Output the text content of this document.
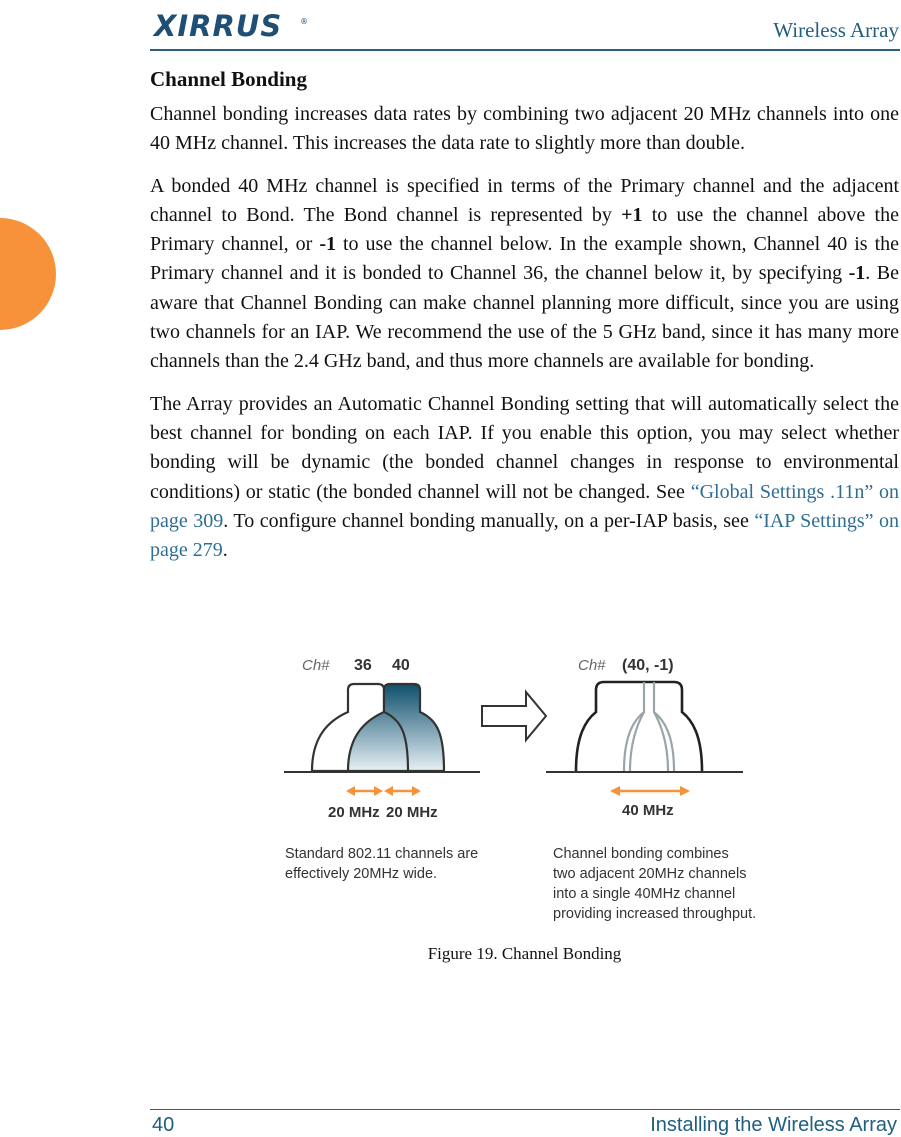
XIRRUS ®	Wireless Array
Channel Bonding

Channel bonding increases data rates by combining two adjacent 20 MHz channels into one 40 MHz channel. This increases the data rate to slightly more than double.

A bonded 40 MHz channel is specified in terms of the Primary channel and the adjacent channel to Bond. The Bond channel is represented by +1 to use the channel above the Primary channel, or -1 to use the channel below. In the example shown, Channel 40 is the Primary channel and it is bonded to Channel 36, the channel below it, by specifying -1. Be aware that Channel Bonding can make channel planning more difficult, since you are using two channels for an IAP. We recommend the use of the 5 GHz band, since it has many more channels than the 2.4 GHz band, and thus more channels are available for bonding.

The Array provides an Automatic Channel Bonding setting that will automatically select the best channel for bonding on each IAP. If you enable this option, you may select whether bonding will be dynamic (the bonded channel changes in response to environmental conditions) or static (the bonded channel will not be changed. See “Global Settings .11n” on page 309. To configure channel bonding manually, on a per-IAP basis, see “IAP Settings” on page 279.

Ch# 36 40
20 MHz 20 MHz
Standard 802.11 channels are
effectively 20MHz wide.
Ch# (40, -1)
40 MHz
Channel bonding combines
two adjacent 20MHz channels
into a single 40MHz channel
providing increased throughput.
Figure 19. Channel Bonding
40	Installing the Wireless Array
